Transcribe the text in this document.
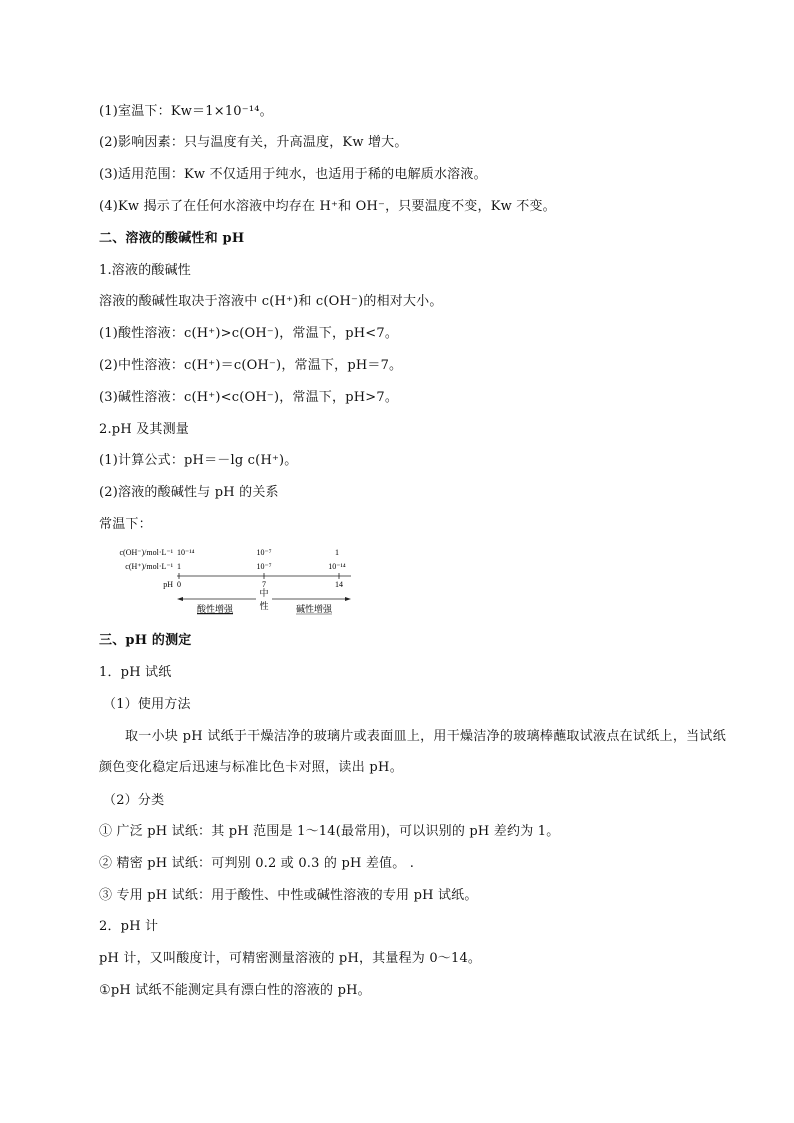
(1)室温下：Kw＝1×10⁻¹⁴。
(2)影响因素：只与温度有关，升高温度，Kw 增大。
(3)适用范围：Kw 不仅适用于纯水，也适用于稀的电解质水溶液。
(4)Kw 揭示了在任何水溶液中均存在 H⁺和 OH⁻，只要温度不变，Kw 不变。
二、溶液的酸碱性和 pH
1.溶液的酸碱性
溶液的酸碱性取决于溶液中 c(H⁺)和 c(OH⁻)的相对大小。
(1)酸性溶液：c(H⁺)>c(OH⁻)，常温下，pH<7。
(2)中性溶液：c(H⁺)＝c(OH⁻)，常温下，pH＝7。
(3)碱性溶液：c(H⁺)<c(OH⁻)，常温下，pH>7。
2.pH 及其测量
(1)计算公式：pH＝－lg c(H⁺)。
(2)溶液的酸碱性与 pH 的关系
常温下：
c(OH⁻)/mol·L⁻¹
c(H⁺)/mol·L⁻¹
pH
10⁻¹⁴	10⁻⁷	1
1	10⁻⁷	10⁻¹⁴
0	7	14
中
性
酸性增强	碱性增强
三、pH 的测定
1．pH 试纸
（1）使用方法
取一小块 pH 试纸于干燥洁净的玻璃片或表面皿上，用干燥洁净的玻璃棒蘸取试液点在试纸上，当试纸颜色变化稳定后迅速与标准比色卡对照，读出 pH。
（2）分类
① 广泛 pH 试纸：其 pH 范围是 1～14(最常用)，可以识别的 pH 差约为 1。
② 精密 pH 试纸：可判别 0.2 或 0.3 的 pH 差值。 .
③ 专用 pH 试纸：用于酸性、中性或碱性溶液的专用 pH 试纸。
2．pH 计
pH 计，又叫酸度计，可精密测量溶液的 pH，其量程为 0～14。
①pH 试纸不能测定具有漂白性的溶液的 pH。
